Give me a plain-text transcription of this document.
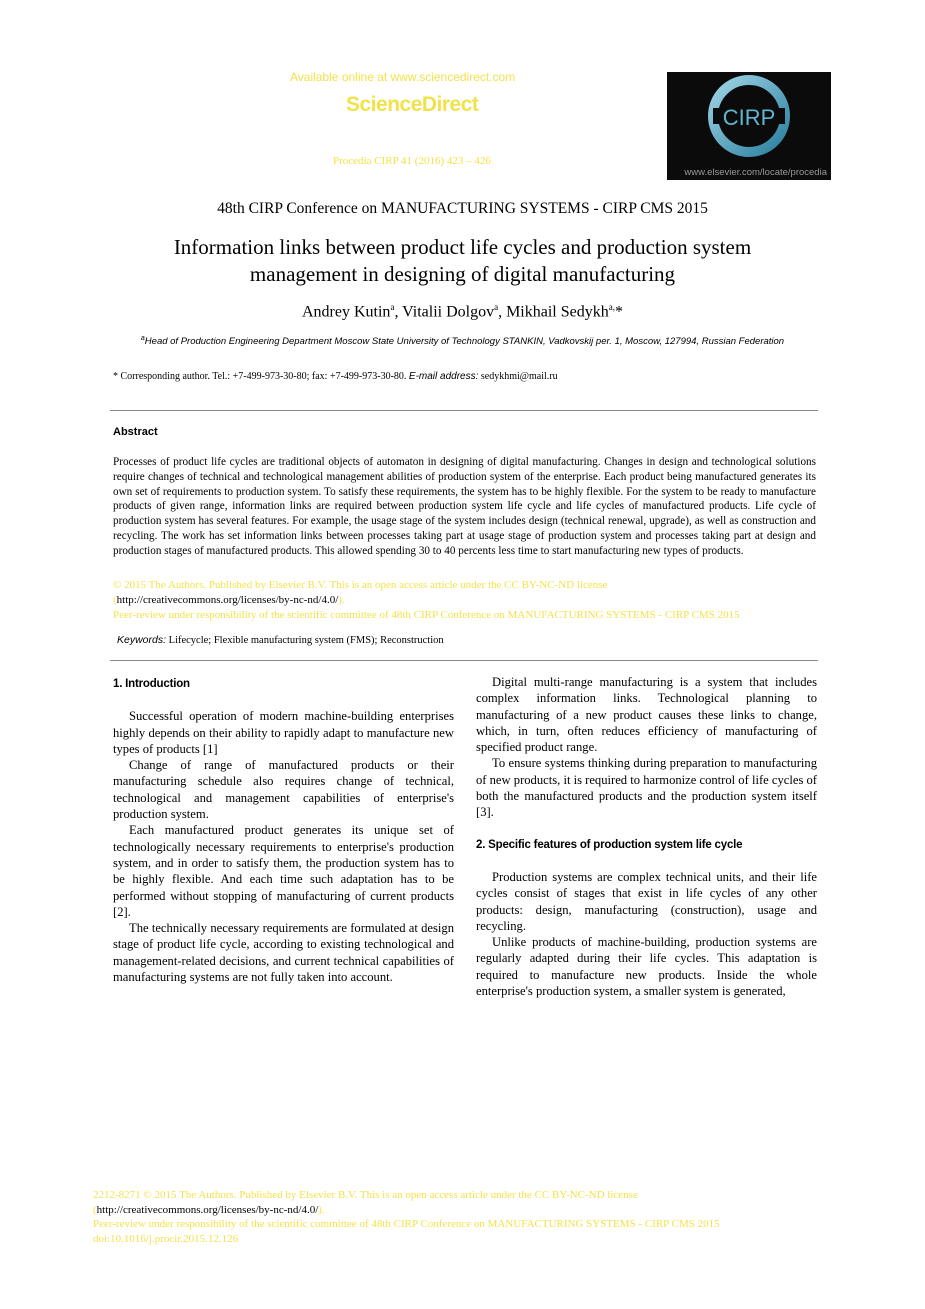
Available online at www.sciencedirect.com
ScienceDirect
Procedia CIRP 41 (2016) 423 – 426
CIRP
www.elsevier.com/locate/procedia
48th CIRP Conference on MANUFACTURING SYSTEMS - CIRP CMS 2015
Information links between product life cycles and production system
management in designing of digital manufacturing
Andrey Kutin$^a$, Vitalii Dolgov$^a$, Mikhail Sedykh$^{a,}$*
$^a$Head of Production Engineering Department Moscow State University of Technology STANKIN, Vadkovskij per. 1, Moscow, 127994, Russian Federation
* Corresponding author. Tel.: +7-499-973-30-80; fax: +7-499-973-30-80. E-mail address: sedykhmi@mail.ru
Abstract
Processes of product life cycles are traditional objects of automaton in designing of digital manufacturing. Changes in design and technological solutions require changes of technical and technological management abilities of production system of the enterprise. Each product being manufactured generates its own set of requirements to production system. To satisfy these requirements, the system has to be highly flexible. For the system to be ready to manufacture products of given range, information links are required between production system life cycle and life cycles of manufactured products. Life cycle of production system has several features. For example, the usage stage of the system includes design (technical renewal, upgrade), as well as construction and recycling. The work has set information links between processes taking part at usage stage of production system and processes taking part at design and production stages of manufactured products. This allowed spending 30 to 40 percents less time to start manufacturing new types of products.
© 2015 The Authors. Published by Elsevier B.V. This is an open access article under the CC BY-NC-ND license
(http://creativecommons.org/licenses/by-nc-nd/4.0/).
Peer-review under responsibility of the scientific committee of 48th CIRP Conference on MANUFACTURING SYSTEMS - CIRP CMS 2015
Keywords: Lifecycle; Flexible manufacturing system (FMS); Reconstruction
1. Introduction

Successful operation of modern machine-building enterprises highly depends on their ability to rapidly adapt to manufacture new types of products [1]

Change of range of manufactured products or their manufacturing schedule also requires change of technical, technological and management capabilities of enterprise's production system.

Each manufactured product generates its unique set of technologically necessary requirements to enterprise's production system, and in order to satisfy them, the production system has to be highly flexible. And each time such adaptation has to be performed without stopping of manufacturing of current products [2].

The technically necessary requirements are formulated at design stage of product life cycle, according to existing technological and management-related decisions, and current technical capabilities of manufacturing systems are not fully taken into account.

Digital multi-range manufacturing is a system that includes complex information links. Technological planning to manufacturing of a new product causes these links to change, which, in turn, often reduces efficiency of manufacturing of specified product range.

To ensure systems thinking during preparation to manufacturing of new products, it is required to harmonize control of life cycles of both the manufactured products and the production system itself [3].

2. Specific features of production system life cycle

Production systems are complex technical units, and their life cycles consist of stages that exist in life cycles of any other products: design, manufacturing (construction), usage and recycling.

Unlike products of machine-building, production systems are regularly adapted during their life cycles. This adaptation is required to manufacture new products. Inside the whole enterprise's production system, a smaller system is generated,

2212-8271 © 2015 The Authors. Published by Elsevier B.V. This is an open access article under the CC BY-NC-ND license
(http://creativecommons.org/licenses/by-nc-nd/4.0/).
Peer-review under responsibility of the scientific committee of 48th CIRP Conference on MANUFACTURING SYSTEMS - CIRP CMS 2015
doi:10.1016/j.procir.2015.12.126
